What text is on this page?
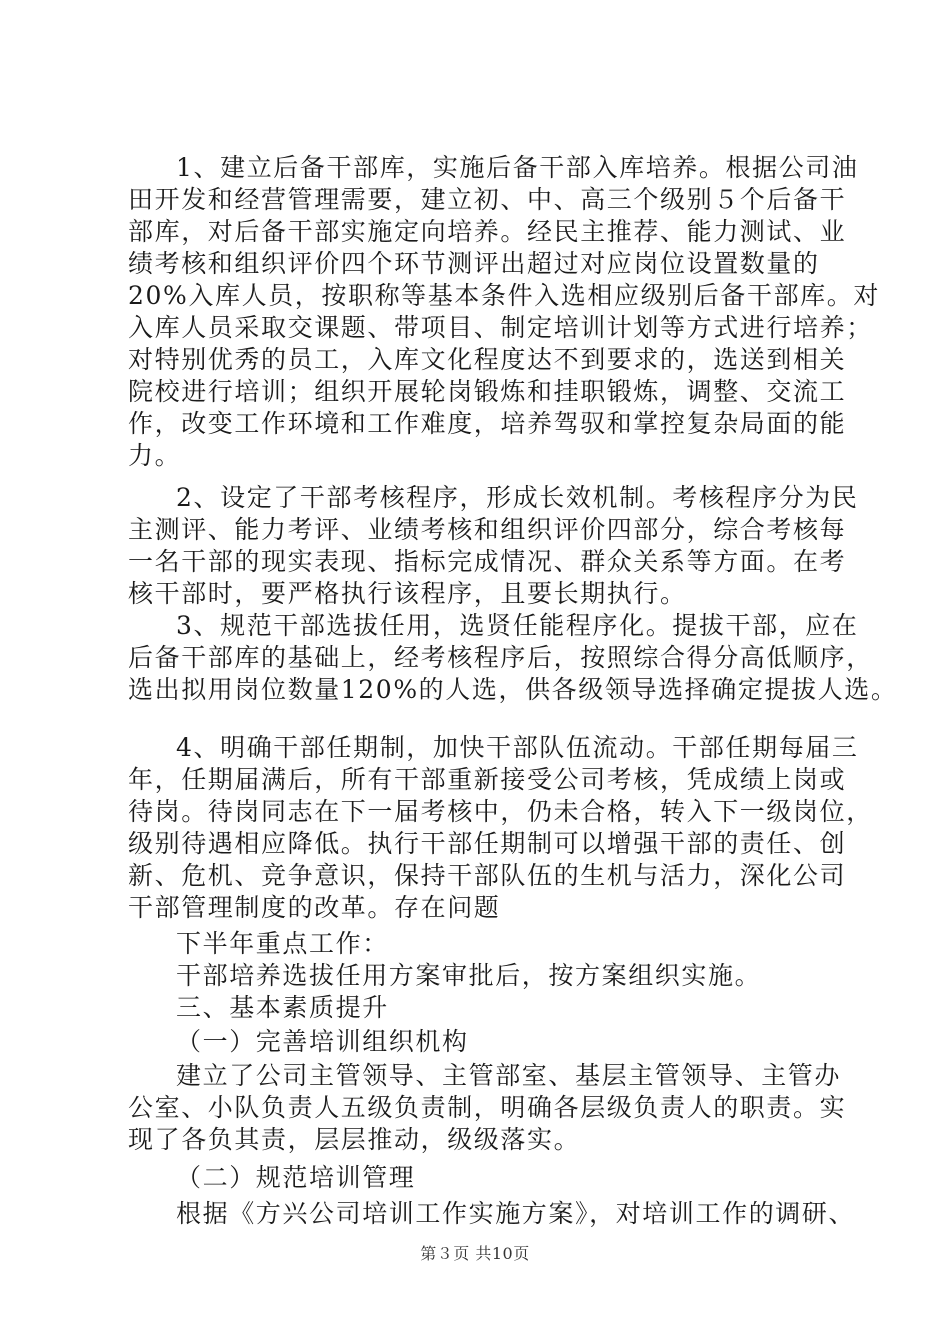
1、建立后备干部库，实施后备干部入库培养。根据公司油
田开发和经营管理需要，建立初、中、高三个级别５个后备干
部库，对后备干部实施定向培养。经民主推荐、能力测试、业
绩考核和组织评价四个环节测评出超过对应岗位设置数量的
20%入库人员，按职称等基本条件入选相应级别后备干部库。对
入库人员采取交课题、带项目、制定培训计划等方式进行培养；
对特别优秀的员工，入库文化程度达不到要求的，选送到相关
院校进行培训；组织开展轮岗锻炼和挂职锻炼，调整、交流工
作，改变工作环境和工作难度，培养驾驭和掌控复杂局面的能
力。
2、设定了干部考核程序，形成长效机制。考核程序分为民
主测评、能力考评、业绩考核和组织评价四部分，综合考核每
一名干部的现实表现、指标完成情况、群众关系等方面。在考
核干部时，要严格执行该程序，且要长期执行。
3、规范干部选拔任用，选贤任能程序化。提拔干部，应在
后备干部库的基础上，经考核程序后，按照综合得分高低顺序，
选出拟用岗位数量120%的人选，供各级领导选择确定提拔人选。
4、明确干部任期制，加快干部队伍流动。干部任期每届三
年，任期届满后，所有干部重新接受公司考核，凭成绩上岗或
待岗。待岗同志在下一届考核中，仍未合格，转入下一级岗位，
级别待遇相应降低。执行干部任期制可以增强干部的责任、创
新、危机、竞争意识，保持干部队伍的生机与活力，深化公司
干部管理制度的改革。存在问题
下半年重点工作：
干部培养选拔任用方案审批后，按方案组织实施。
三、基本素质提升
（一）完善培训组织机构
建立了公司主管领导、主管部室、基层主管领导、主管办
公室、小队负责人五级负责制，明确各层级负责人的职责。实
现了各负其责，层层推动，级级落实。
（二）规范培训管理
根据《方兴公司培训工作实施方案》，对培训工作的调研、
第３页 共10页
